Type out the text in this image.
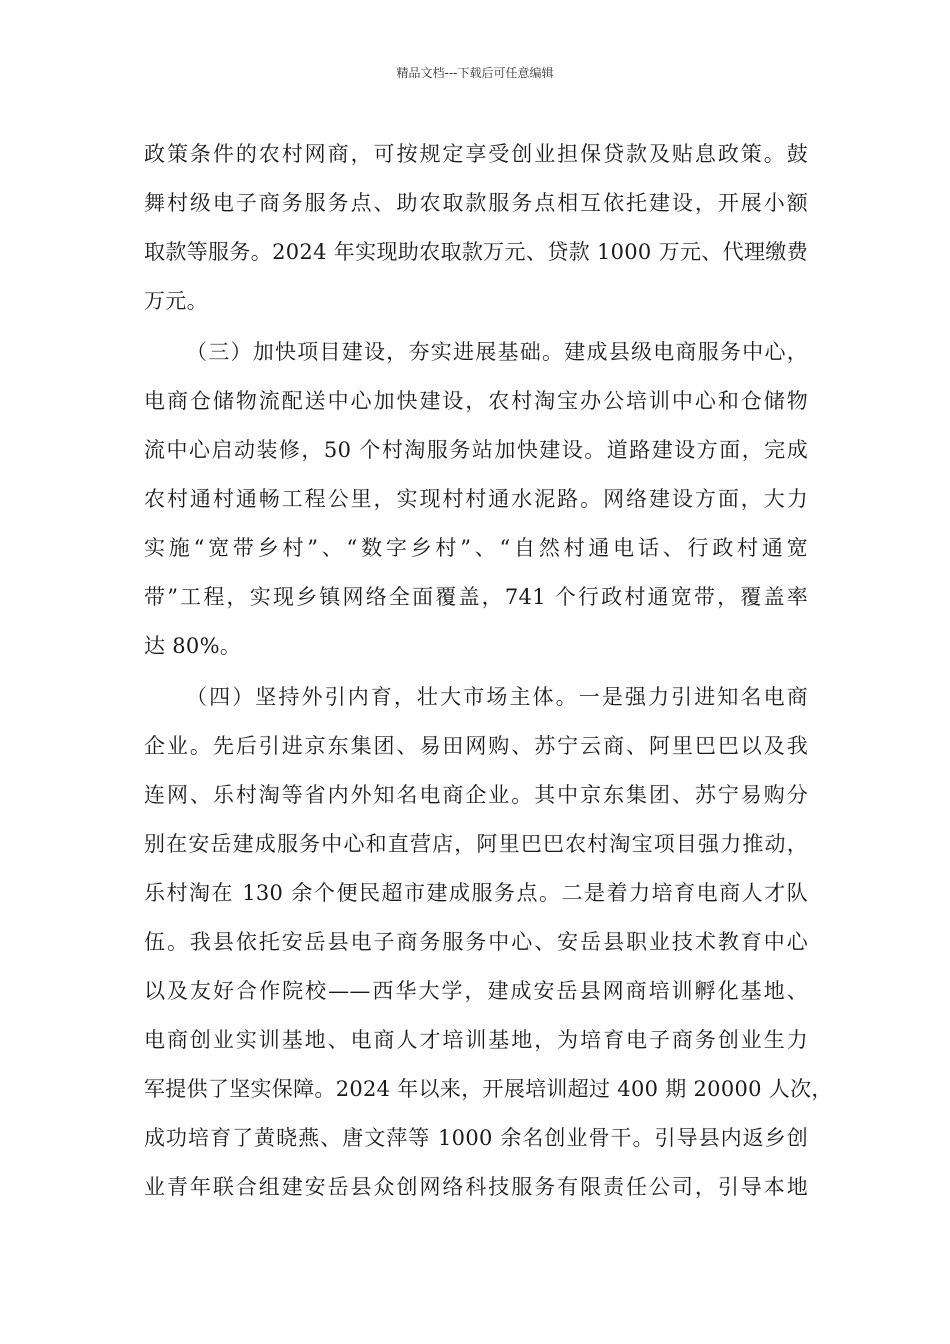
精品文档---下载后可任意编辑
政策条件的农村网商，可按规定享受创业担保贷款及贴息政策。鼓
舞村级电子商务服务点、助农取款服务点相互依托建设，开展小额
取款等服务。2024 年实现助农取款万元、贷款 1000 万元、代理缴费
万元。
（三）加快项目建设，夯实进展基础。建成县级电商服务中心，
电商仓储物流配送中心加快建设，农村淘宝办公培训中心和仓储物
流中心启动装修，50 个村淘服务站加快建设。道路建设方面，完成
农村通村通畅工程公里，实现村村通水泥路。网络建设方面，大力
实施“宽带乡村”、“数字乡村”、“自然村通电话、行政村通宽
带”工程，实现乡镇网络全面覆盖，741 个行政村通宽带，覆盖率
达 80%。
（四）坚持外引内育，壮大市场主体。一是强力引进知名电商
企业。先后引进京东集团、易田网购、苏宁云商、阿里巴巴以及我
连网、乐村淘等省内外知名电商企业。其中京东集团、苏宁易购分
别在安岳建成服务中心和直营店，阿里巴巴农村淘宝项目强力推动，
乐村淘在 130 余个便民超市建成服务点。二是着力培育电商人才队
伍。我县依托安岳县电子商务服务中心、安岳县职业技术教育中心
以及友好合作院校——西华大学，建成安岳县网商培训孵化基地、
电商创业实训基地、电商人才培训基地，为培育电子商务创业生力
军提供了坚实保障。2024 年以来，开展培训超过 400 期 20000 人次，
成功培育了黄晓燕、唐文萍等 1000 余名创业骨干。引导县内返乡创
业青年联合组建安岳县众创网络科技服务有限责任公司，引导本地
